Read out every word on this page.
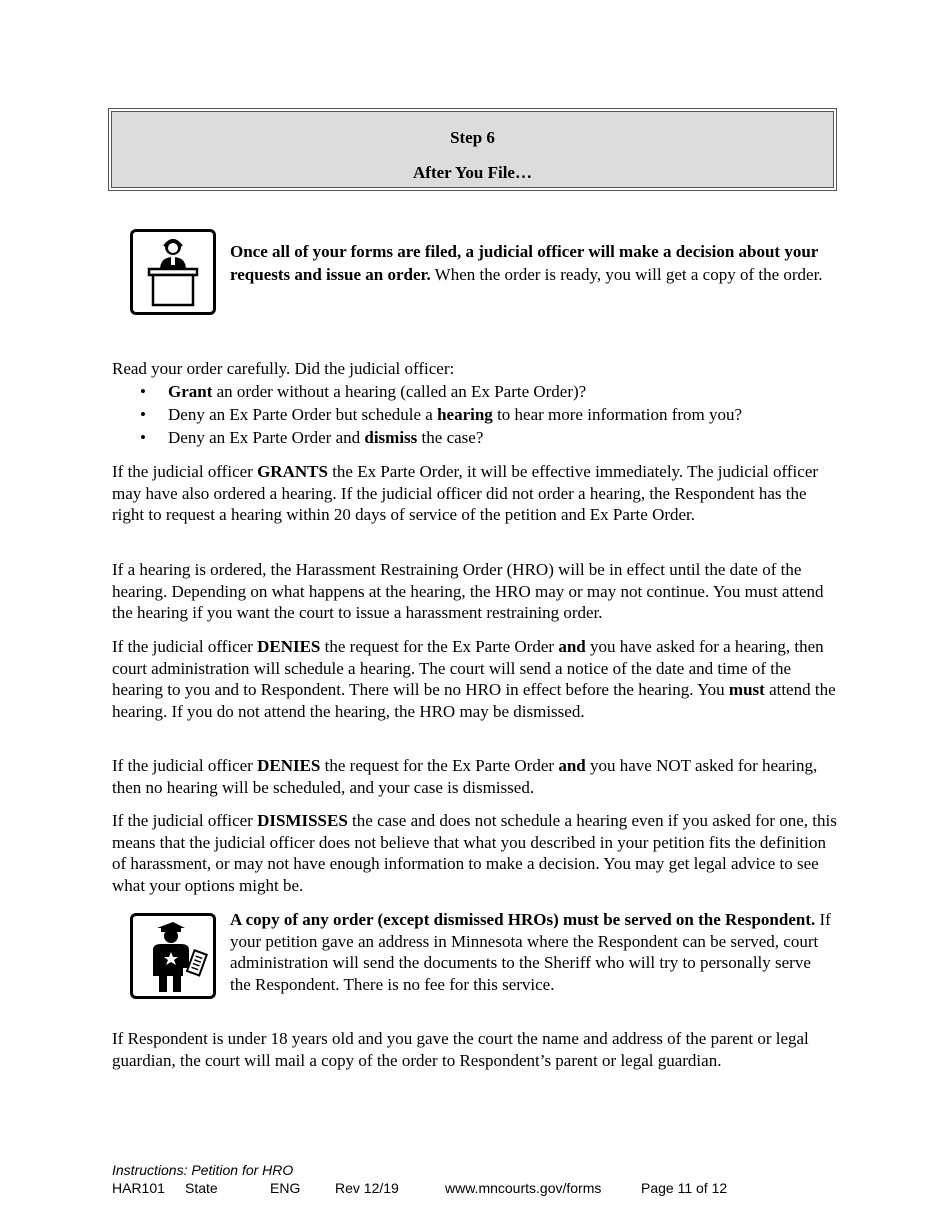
Step 6
After You File…
Once all of your forms are filed, a judicial officer will make a decision about your requests and issue an order. When the order is ready, you will get a copy of the order.

Read your order carefully. Did the judicial officer:

• Grant an order without a hearing (called an Ex Parte Order)?
• Deny an Ex Parte Order but schedule a hearing to hear more information from you?
• Deny an Ex Parte Order and dismiss the case?

If the judicial officer GRANTS the Ex Parte Order, it will be effective immediately. The judicial officer may have also ordered a hearing. If the judicial officer did not order a hearing, the Respondent has the right to request a hearing within 20 days of service of the petition and Ex Parte Order.

If a hearing is ordered, the Harassment Restraining Order (HRO) will be in effect until the date of the hearing. Depending on what happens at the hearing, the HRO may or may not continue. You must attend the hearing if you want the court to issue a harassment restraining order.

If the judicial officer DENIES the request for the Ex Parte Order and you have asked for a hearing, then court administration will schedule a hearing. The court will send a notice of the date and time of the hearing to you and to Respondent. There will be no HRO in effect before the hearing. You must attend the hearing. If you do not attend the hearing, the HRO may be dismissed.

If the judicial officer DENIES the request for the Ex Parte Order and you have NOT asked for hearing, then no hearing will be scheduled, and your case is dismissed.

If the judicial officer DISMISSES the case and does not schedule a hearing even if you asked for one, this means that the judicial officer does not believe that what you described in your petition fits the definition of harassment, or may not have enough information to make a decision. You may get legal advice to see what your options might be.

A copy of any order (except dismissed HROs) must be served on the Respondent. If your petition gave an address in Minnesota where the Respondent can be served, court administration will send the documents to the Sheriff who will try to personally serve the Respondent. There is no fee for this service.

If Respondent is under 18 years old and you gave the court the name and address of the parent or legal guardian, the court will mail a copy of the order to Respondent’s parent or legal guardian.

Instructions: Petition for HRO
HAR101 State	ENG Rev 12/19	www.mncourts.gov/forms	Page 11 of 12
